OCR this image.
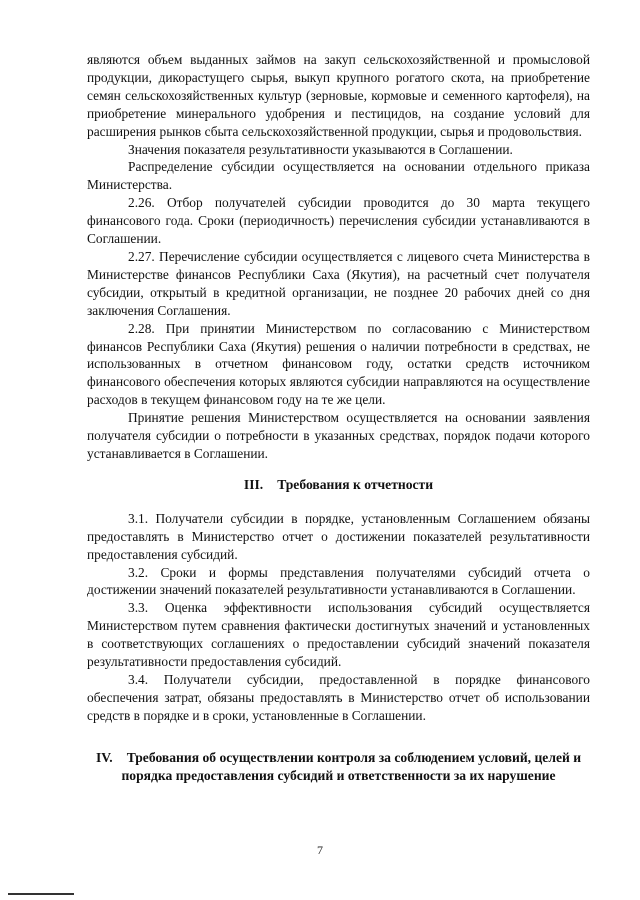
являются объем выданных займов на закуп сельскохозяйственной и промысловой продукции, дикорастущего сырья, выкуп крупного рогатого скота, на приобретение семян сельскохозяйственных культур (зерновые, кормовые и семенного картофеля), на приобретение минерального удобрения и пестицидов, на создание условий для расширения рынков сбыта сельскохозяйственной продукции, сырья и продовольствия.

Значения показателя результативности указываются в Соглашении.

Распределение субсидии осуществляется на основании отдельного приказа Министерства.

2.26. Отбор получателей субсидии проводится до 30 марта текущего финансового года. Сроки (периодичность) перечисления субсидии устанавливаются в Соглашении.

2.27. Перечисление субсидии осуществляется с лицевого счета Министерства в Министерстве финансов Республики Саха (Якутия), на расчетный счет получателя субсидии, открытый в кредитной организации, не позднее 20 рабочих дней со дня заключения Соглашения.

2.28. При принятии Министерством по согласованию с Министерством финансов Республики Саха (Якутия) решения о наличии потребности в средствах, не использованных в отчетном финансовом году, остатки средств источником финансового обеспечения которых являются субсидии направляются на осуществление расходов в текущем финансовом году на те же цели.

Принятие решения Министерством осуществляется на основании заявления получателя субсидии о потребности в указанных средствах, порядок подачи которого устанавливается в Соглашении.

III. Требования к отчетности

3.1. Получатели субсидии в порядке, установленным Соглашением обязаны предоставлять в Министерство отчет о достижении показателей результативности предоставления субсидий.

3.2. Сроки и формы представления получателями субсидий отчета о достижении значений показателей результативности устанавливаются в Соглашении.

3.3. Оценка эффективности использования субсидий осуществляется Министерством путем сравнения фактически достигнутых значений и установленных в соответствующих соглашениях о предоставлении субсидий значений показателя результативности предоставления субсидий.

3.4. Получатели субсидии, предоставленной в порядке финансового обеспечения затрат, обязаны предоставлять в Министерство отчет об использовании средств в порядке и в сроки, установленные в Соглашении.

IV. Требования об осуществлении контроля за соблюдением условий, целей и порядка предоставления субсидий и ответственности за их нарушение
7
